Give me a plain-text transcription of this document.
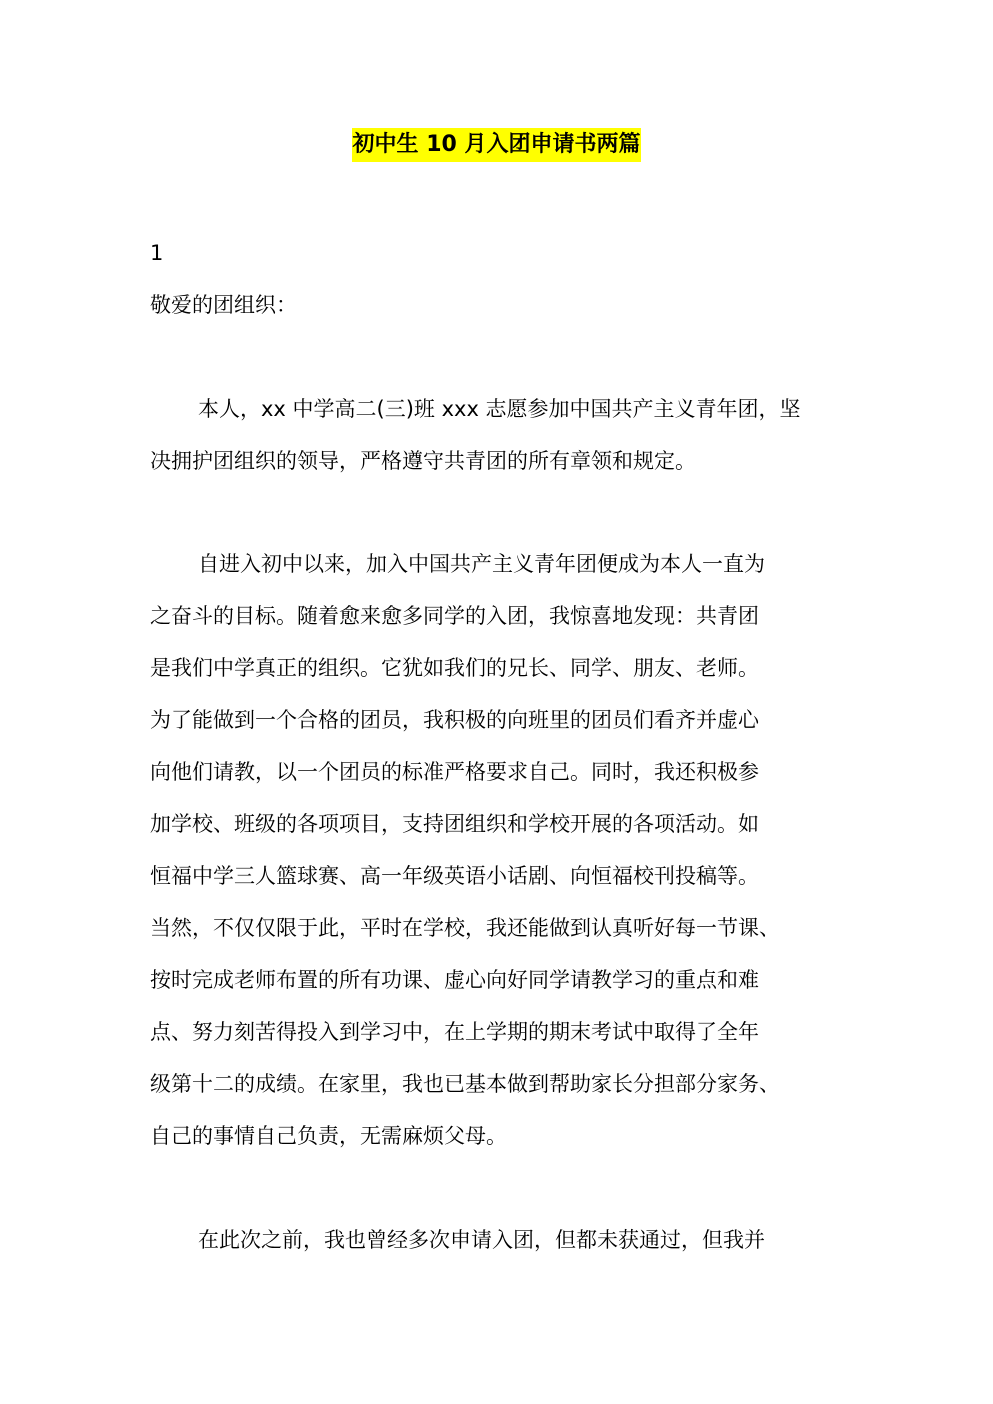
初中生 10 月入团申请书两篇
1
敬爱的团组织：
本人，xx 中学高二(三)班 xxx 志愿参加中国共产主义青年团，坚
决拥护团组织的领导，严格遵守共青团的所有章领和规定。
自进入初中以来，加入中国共产主义青年团便成为本人一直为
之奋斗的目标。随着愈来愈多同学的入团，我惊喜地发现：共青团
是我们中学真正的组织。它犹如我们的兄长、同学、朋友、老师。
为了能做到一个合格的团员，我积极的向班里的团员们看齐并虚心
向他们请教，以一个团员的标准严格要求自己。同时，我还积极参
加学校、班级的各项项目，支持团组织和学校开展的各项活动。如
恒福中学三人篮球赛、高一年级英语小话剧、向恒福校刊投稿等。
当然，不仅仅限于此，平时在学校，我还能做到认真听好每一节课、
按时完成老师布置的所有功课、虚心向好同学请教学习的重点和难
点、努力刻苦得投入到学习中，在上学期的期末考试中取得了全年
级第十二的成绩。在家里，我也已基本做到帮助家长分担部分家务、
自己的事情自己负责，无需麻烦父母。
在此次之前，我也曾经多次申请入团，但都未获通过，但我并
